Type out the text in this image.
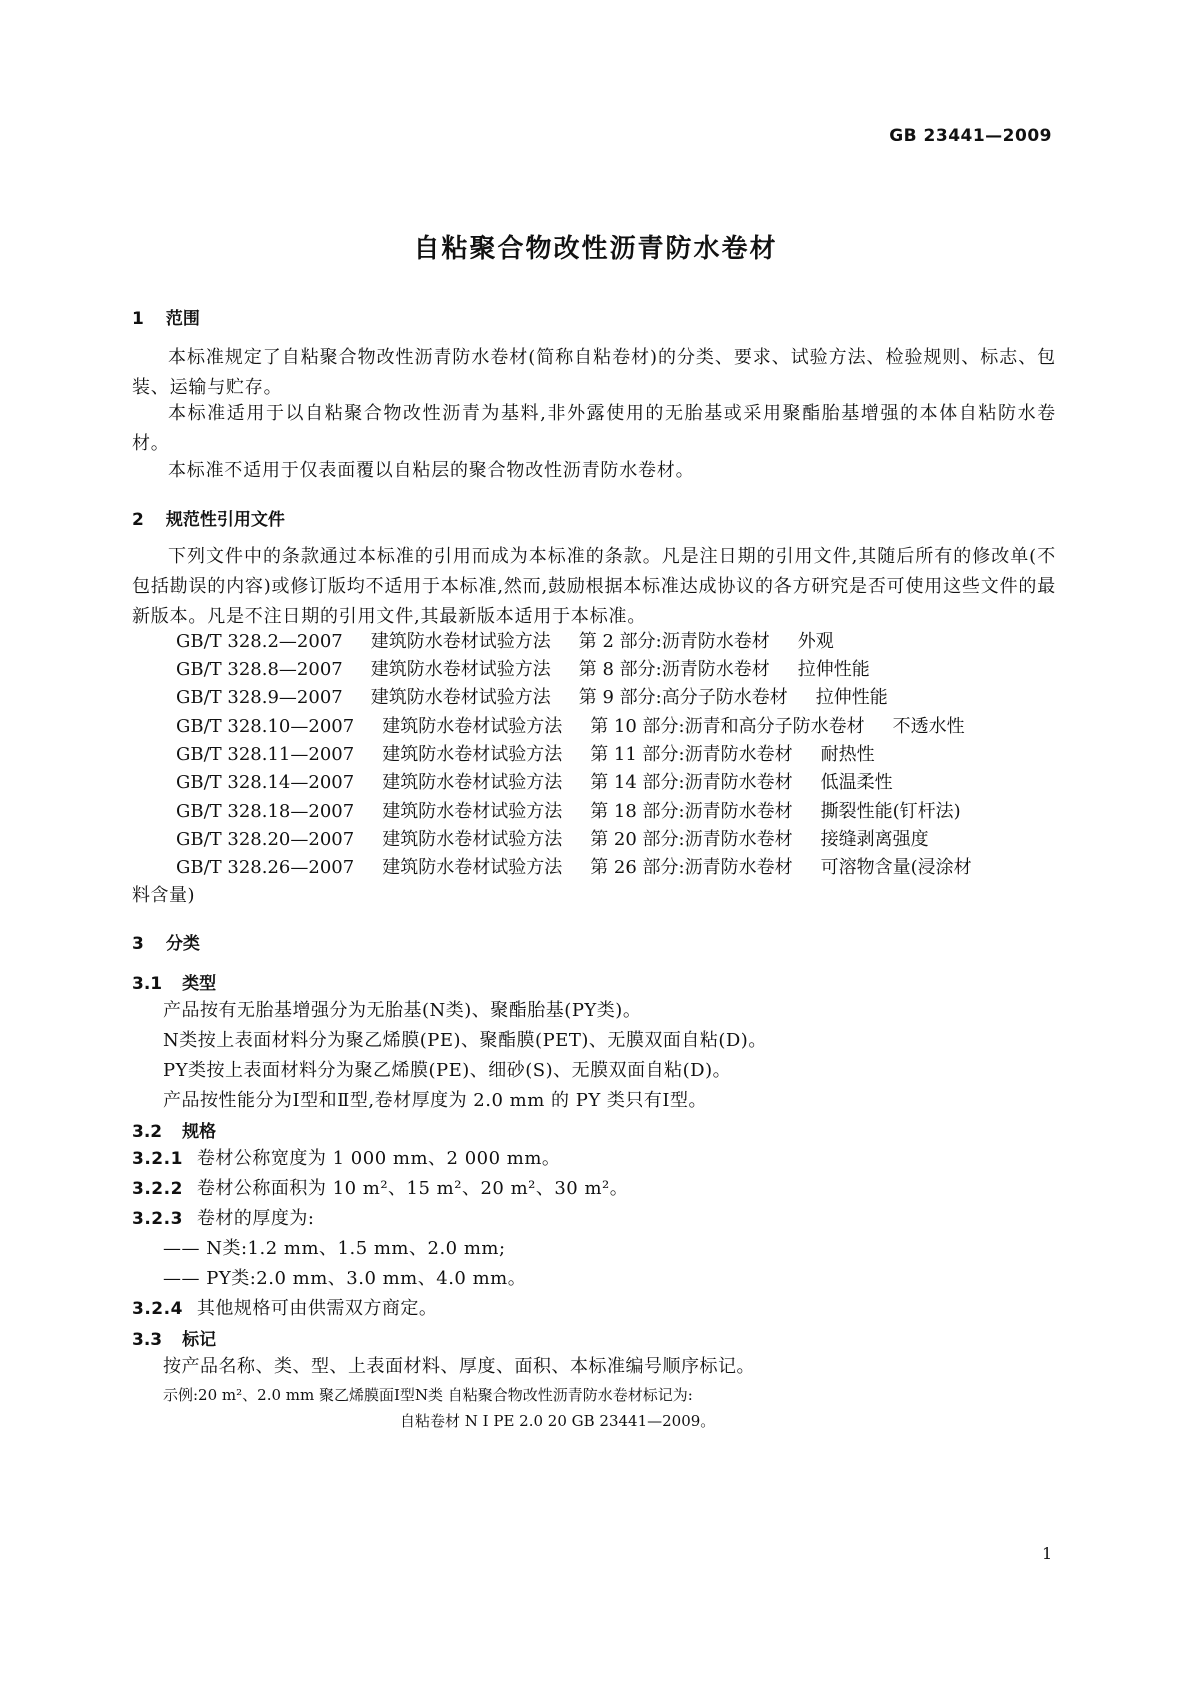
GB 23441—2009
自粘聚合物改性沥青防水卷材
1 范围
本标准规定了自粘聚合物改性沥青防水卷材(简称自粘卷材)的分类、要求、试验方法、检验规则、标志、包装、运输与贮存。
本标准适用于以自粘聚合物改性沥青为基料,非外露使用的无胎基或采用聚酯胎基增强的本体自粘防水卷材。
本标准不适用于仅表面覆以自粘层的聚合物改性沥青防水卷材。
2 规范性引用文件
下列文件中的条款通过本标准的引用而成为本标准的条款。凡是注日期的引用文件,其随后所有的修改单(不包括勘误的内容)或修订版均不适用于本标准,然而,鼓励根据本标准达成协议的各方研究是否可使用这些文件的最新版本。凡是不注日期的引用文件,其最新版本适用于本标准。
GB/T 328.2—2007 建筑防水卷材试验方法 第 2 部分:沥青防水卷材 外观
GB/T 328.8—2007 建筑防水卷材试验方法 第 8 部分:沥青防水卷材 拉伸性能
GB/T 328.9—2007 建筑防水卷材试验方法 第 9 部分:高分子防水卷材 拉伸性能
GB/T 328.10—2007 建筑防水卷材试验方法 第 10 部分:沥青和高分子防水卷材 不透水性
GB/T 328.11—2007 建筑防水卷材试验方法 第 11 部分:沥青防水卷材 耐热性
GB/T 328.14—2007 建筑防水卷材试验方法 第 14 部分:沥青防水卷材 低温柔性
GB/T 328.18—2007 建筑防水卷材试验方法 第 18 部分:沥青防水卷材 撕裂性能(钉杆法)
GB/T 328.20—2007 建筑防水卷材试验方法 第 20 部分:沥青防水卷材 接缝剥离强度
GB/T 328.26—2007 建筑防水卷材试验方法 第 26 部分:沥青防水卷材 可溶物含量(浸涂材
料含量)
3 分类
3.1 类型
产品按有无胎基增强分为无胎基(N类)、聚酯胎基(PY类)。
N类按上表面材料分为聚乙烯膜(PE)、聚酯膜(PET)、无膜双面自粘(D)。
PY类按上表面材料分为聚乙烯膜(PE)、细砂(S)、无膜双面自粘(D)。
产品按性能分为Ⅰ型和Ⅱ型,卷材厚度为 2.0 mm 的 PY 类只有Ⅰ型。
3.2 规格
3.2.1 卷材公称宽度为 1 000 mm、2 000 mm。
3.2.2 卷材公称面积为 10 m²、15 m²、20 m²、30 m²。
3.2.3 卷材的厚度为:
—— N类:1.2 mm、1.5 mm、2.0 mm;
—— PY类:2.0 mm、3.0 mm、4.0 mm。
3.2.4 其他规格可由供需双方商定。
3.3 标记
按产品名称、类、型、上表面材料、厚度、面积、本标准编号顺序标记。
示例:20 m²、2.0 mm 聚乙烯膜面Ⅰ型N类 自粘聚合物改性沥青防水卷材标记为:
自粘卷材 N Ⅰ PE 2.0 20 GB 23441—2009。
1
